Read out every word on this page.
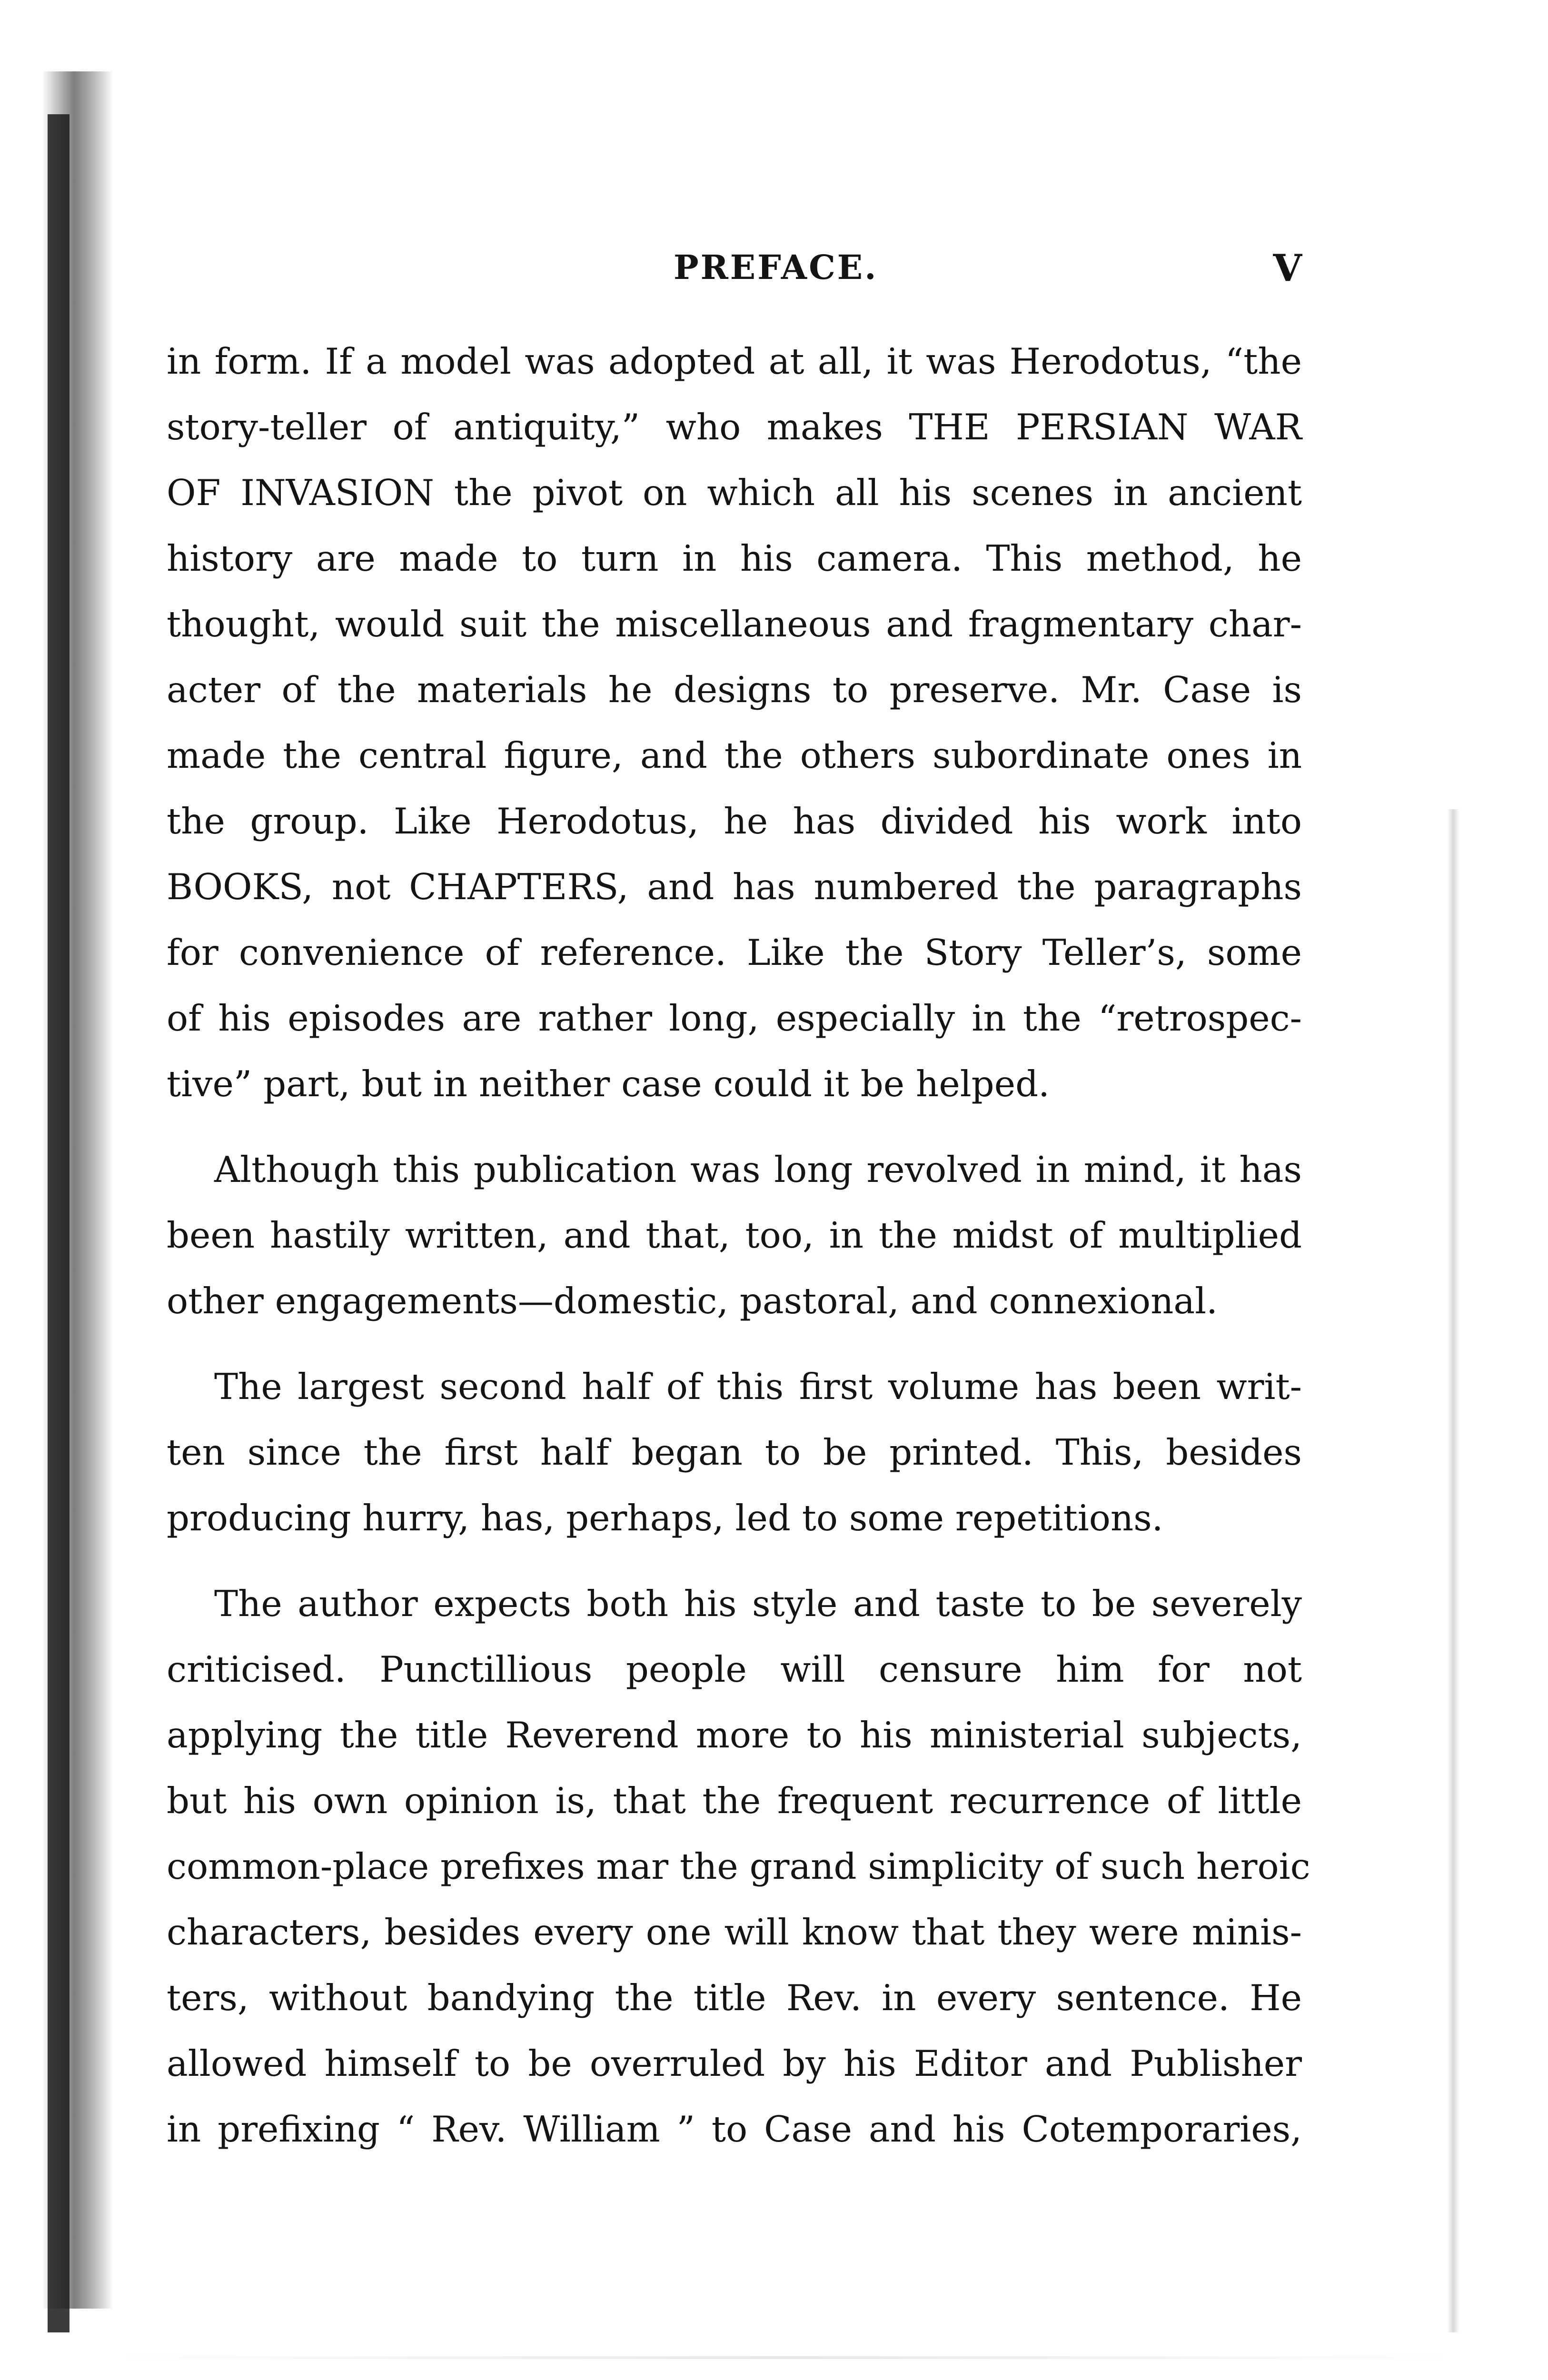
PREFACE.	V
in form. If a model was adopted at all, it was Herodotus, “the
story-teller of antiquity,” who makes THE PERSIAN WAR
OF INVASION the pivot on which all his scenes in ancient
history are made to turn in his camera. This method, he
thought, would suit the miscellaneous and fragmentary char-
acter of the materials he designs to preserve. Mr. Case is
made the central figure, and the others subordinate ones in
the group. Like Herodotus, he has divided his work into
BOOKS, not CHAPTERS, and has numbered the paragraphs
for convenience of reference. Like the Story Teller’s, some
of his episodes are rather long, especially in the “retrospec-
tive” part, but in neither case could it be helped.
Although this publication was long revolved in mind, it has
been hastily written, and that, too, in the midst of multiplied
other engagements—domestic, pastoral, and connexional.
The largest second half of this first volume has been writ-
ten since the first half began to be printed. This, besides
producing hurry, has, perhaps, led to some repetitions.
The author expects both his style and taste to be severely
criticised. Punctillious people will censure him for not
applying the title Reverend more to his ministerial subjects,
but his own opinion is, that the frequent recurrence of little
common-place prefixes mar the grand simplicity of such heroic
characters, besides every one will know that they were minis-
ters, without bandying the title Rev. in every sentence. He
allowed himself to be overruled by his Editor and Publisher
in prefixing “ Rev. William ” to Case and his Cotemporaries,
